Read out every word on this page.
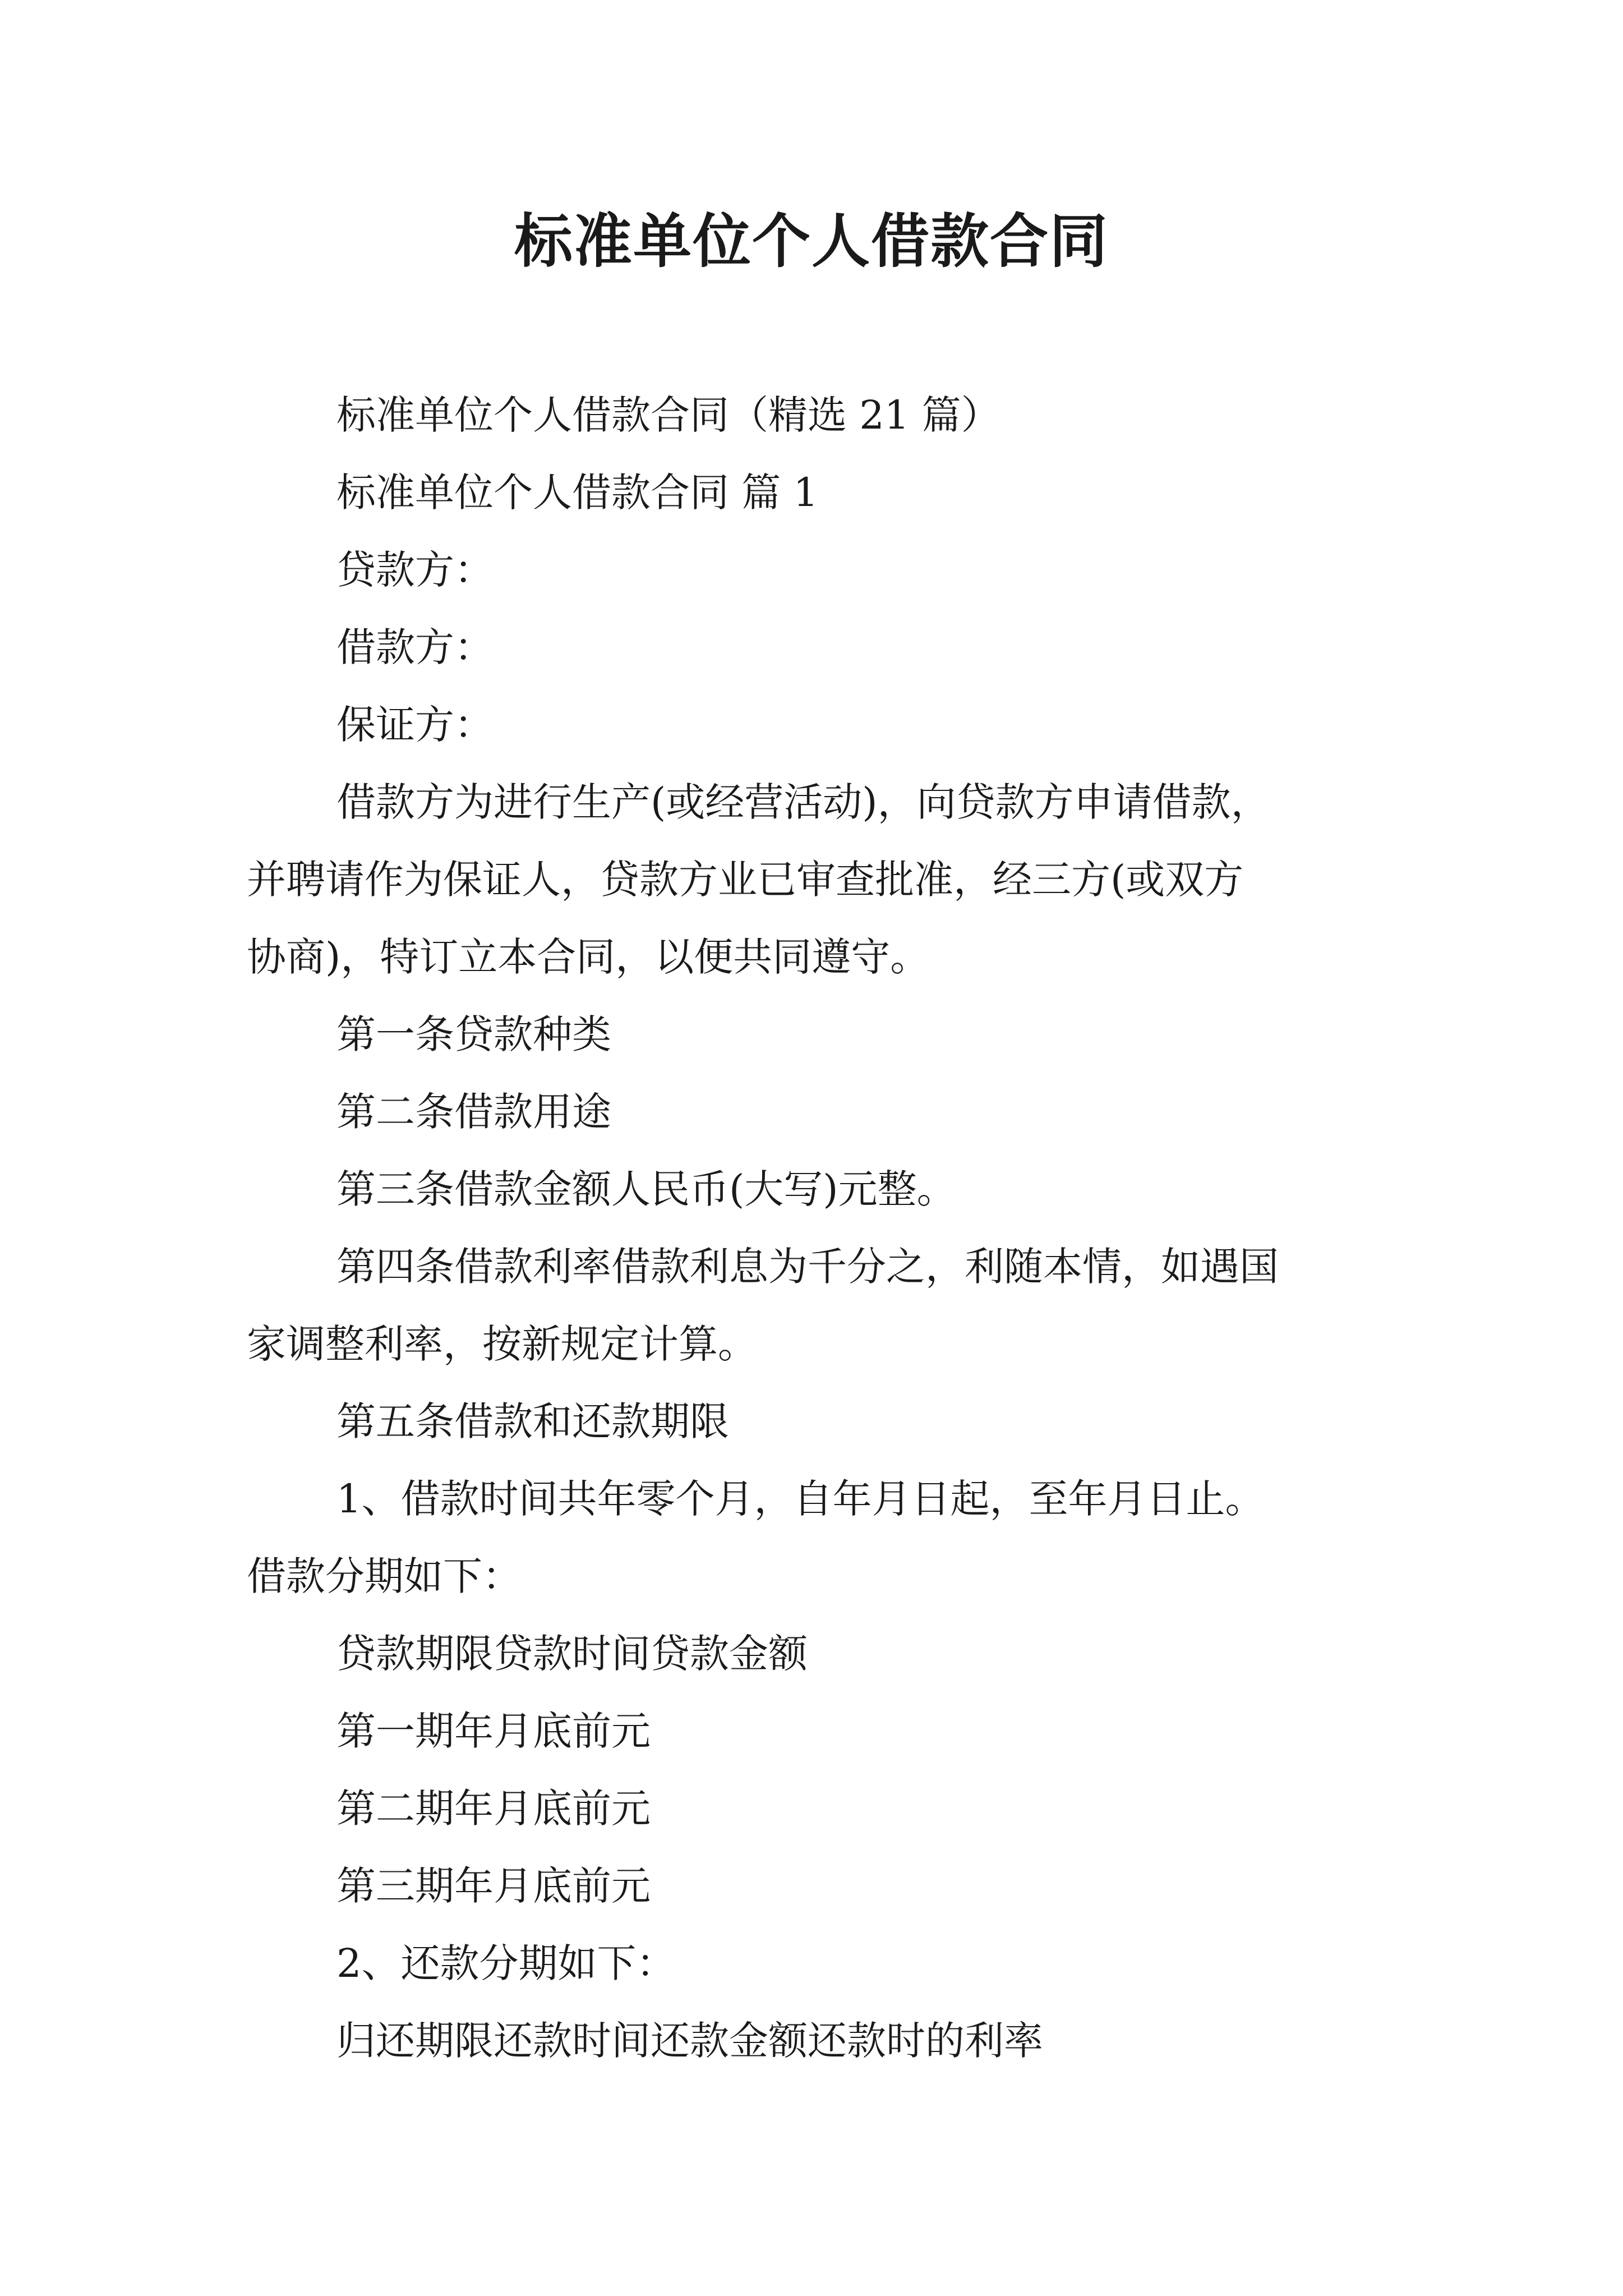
标准单位个人借款合同
标准单位个人借款合同（精选 21 篇）
标准单位个人借款合同 篇 1
贷款方：
借款方：
保证方：
借款方为进行生产(或经营活动)，向贷款方申请借款，
并聘请作为保证人，贷款方业已审查批准，经三方(或双方
协商)，特订立本合同，以便共同遵守。
第一条贷款种类
第二条借款用途
第三条借款金额人民币(大写)元整。
第四条借款利率借款利息为千分之，利随本情，如遇国
家调整利率，按新规定计算。
第五条借款和还款期限
1、借款时间共年零个月，自年月日起，至年月日止。
借款分期如下：
贷款期限贷款时间贷款金额
第一期年月底前元
第二期年月底前元
第三期年月底前元
2、还款分期如下：
归还期限还款时间还款金额还款时的利率
